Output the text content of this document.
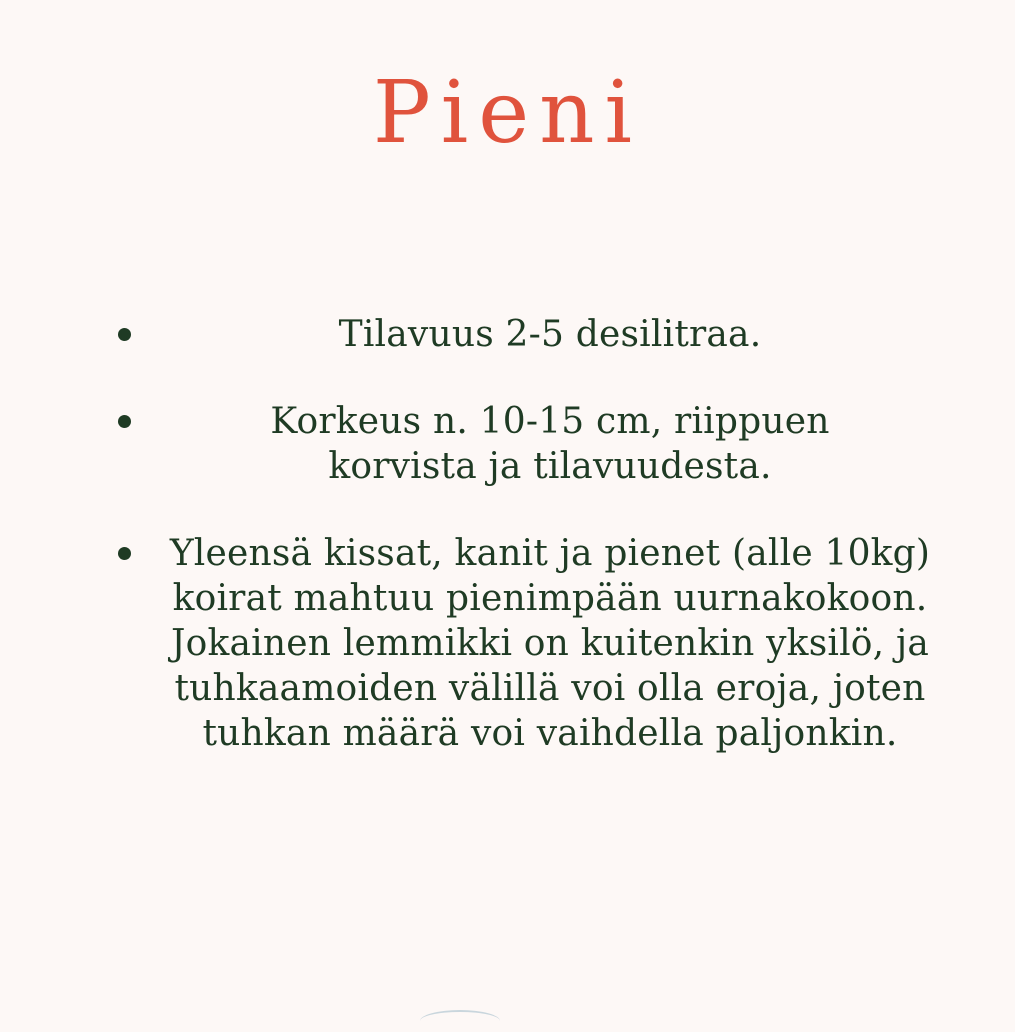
Pieni
Tilavuus 2-5 desilitraa.
Korkeus n. 10-15 cm, riippuen korvista ja tilavuudesta.
Yleensä kissat, kanit ja pienet (alle 10kg) koirat mahtuu pienimpään uurnakokoon. Jokainen lemmikki on kuitenkin yksilö, ja tuhkaamoiden välillä voi olla eroja, joten tuhkan määrä voi vaihdella paljonkin.
